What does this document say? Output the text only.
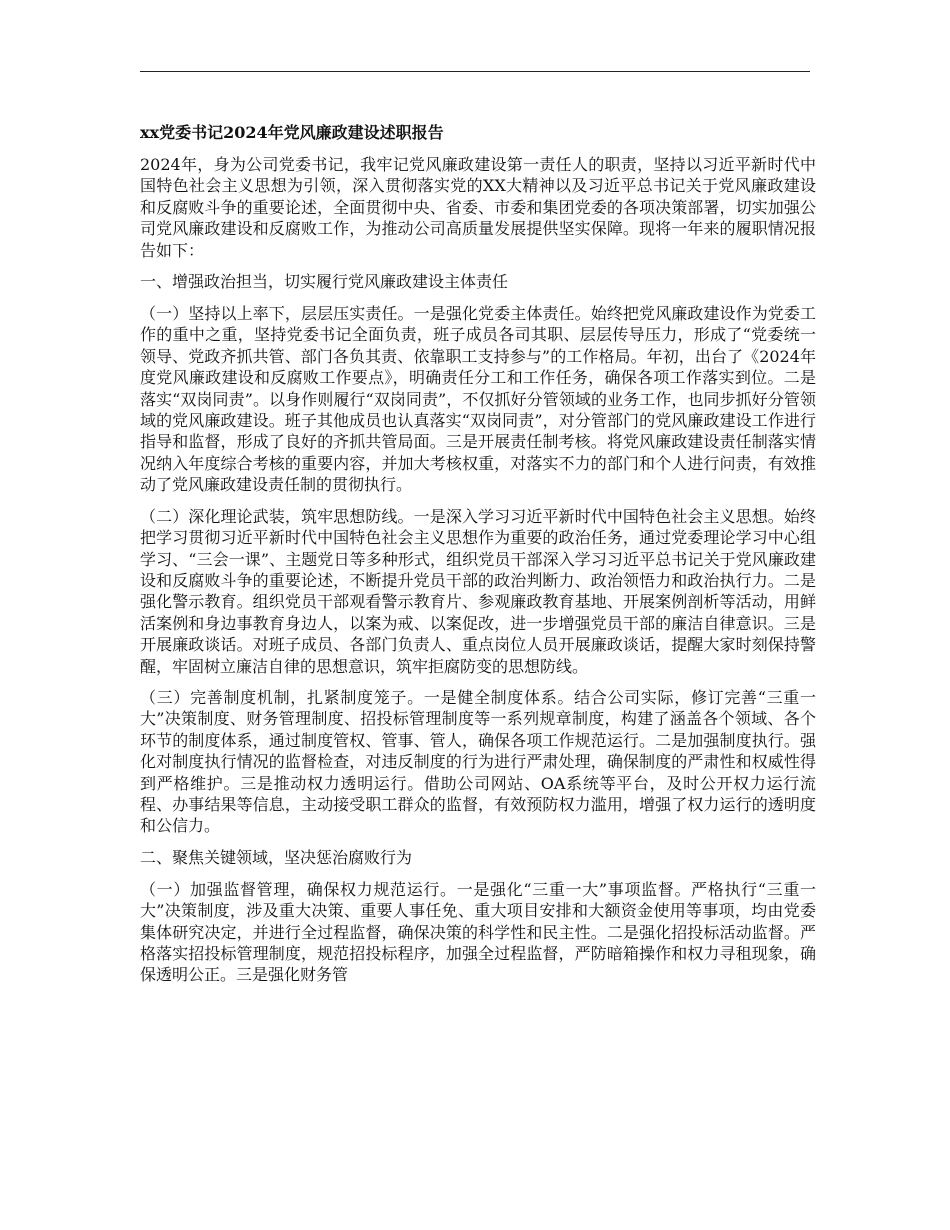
xx党委书记2024年党风廉政建设述职报告

2024年，身为公司党委书记，我牢记党风廉政建设第一责任人的职责，坚持以习近平新时代中国特色社会主义思想为引领，深入贯彻落实党的XX大精神以及习近平总书记关于党风廉政建设和反腐败斗争的重要论述，全面贯彻中央、省委、市委和集团党委的各项决策部署，切实加强公司党风廉政建设和反腐败工作，为推动公司高质量发展提供坚实保障。现将一年来的履职情况报告如下：

一、增强政治担当，切实履行党风廉政建设主体责任

（一）坚持以上率下，层层压实责任。一是强化党委主体责任。始终把党风廉政建设作为党委工作的重中之重，坚持党委书记全面负责，班子成员各司其职、层层传导压力，形成了“党委统一领导、党政齐抓共管、部门各负其责、依靠职工支持参与”的工作格局。年初，出台了《2024年度党风廉政建设和反腐败工作要点》，明确责任分工和工作任务，确保各项工作落实到位。二是落实“双岗同责”。以身作则履行“双岗同责”，不仅抓好分管领域的业务工作，也同步抓好分管领域的党风廉政建设。班子其他成员也认真落实“双岗同责”，对分管部门的党风廉政建设工作进行指导和监督，形成了良好的齐抓共管局面。三是开展责任制考核。将党风廉政建设责任制落实情况纳入年度综合考核的重要内容，并加大考核权重，对落实不力的部门和个人进行问责，有效推动了党风廉政建设责任制的贯彻执行。

（二）深化理论武装，筑牢思想防线。一是深入学习习近平新时代中国特色社会主义思想。始终把学习贯彻习近平新时代中国特色社会主义思想作为重要的政治任务，通过党委理论学习中心组学习、“三会一课”、主题党日等多种形式，组织党员干部深入学习习近平总书记关于党风廉政建设和反腐败斗争的重要论述，不断提升党员干部的政治判断力、政治领悟力和政治执行力。二是强化警示教育。组织党员干部观看警示教育片、参观廉政教育基地、开展案例剖析等活动，用鲜活案例和身边事教育身边人，以案为戒、以案促改，进一步增强党员干部的廉洁自律意识。三是开展廉政谈话。对班子成员、各部门负责人、重点岗位人员开展廉政谈话，提醒大家时刻保持警醒，牢固树立廉洁自律的思想意识，筑牢拒腐防变的思想防线。

（三）完善制度机制，扎紧制度笼子。一是健全制度体系。结合公司实际，修订完善“三重一大”决策制度、财务管理制度、招投标管理制度等一系列规章制度，构建了涵盖各个领域、各个环节的制度体系，通过制度管权、管事、管人，确保各项工作规范运行。二是加强制度执行。强化对制度执行情况的监督检查，对违反制度的行为进行严肃处理，确保制度的严肃性和权威性得到严格维护。三是推动权力透明运行。借助公司网站、OA系统等平台，及时公开权力运行流程、办事结果等信息，主动接受职工群众的监督，有效预防权力滥用，增强了权力运行的透明度和公信力。

二、聚焦关键领域，坚决惩治腐败行为

（一）加强监督管理，确保权力规范运行。一是强化“三重一大”事项监督。严格执行“三重一大”决策制度，涉及重大决策、重要人事任免、重大项目安排和大额资金使用等事项，均由党委集体研究决定，并进行全过程监督，确保决策的科学性和民主性。二是强化招投标活动监督。严格落实招投标管理制度，规范招投标程序，加强全过程监督，严防暗箱操作和权力寻租现象，确保透明公正。三是强化财务管
